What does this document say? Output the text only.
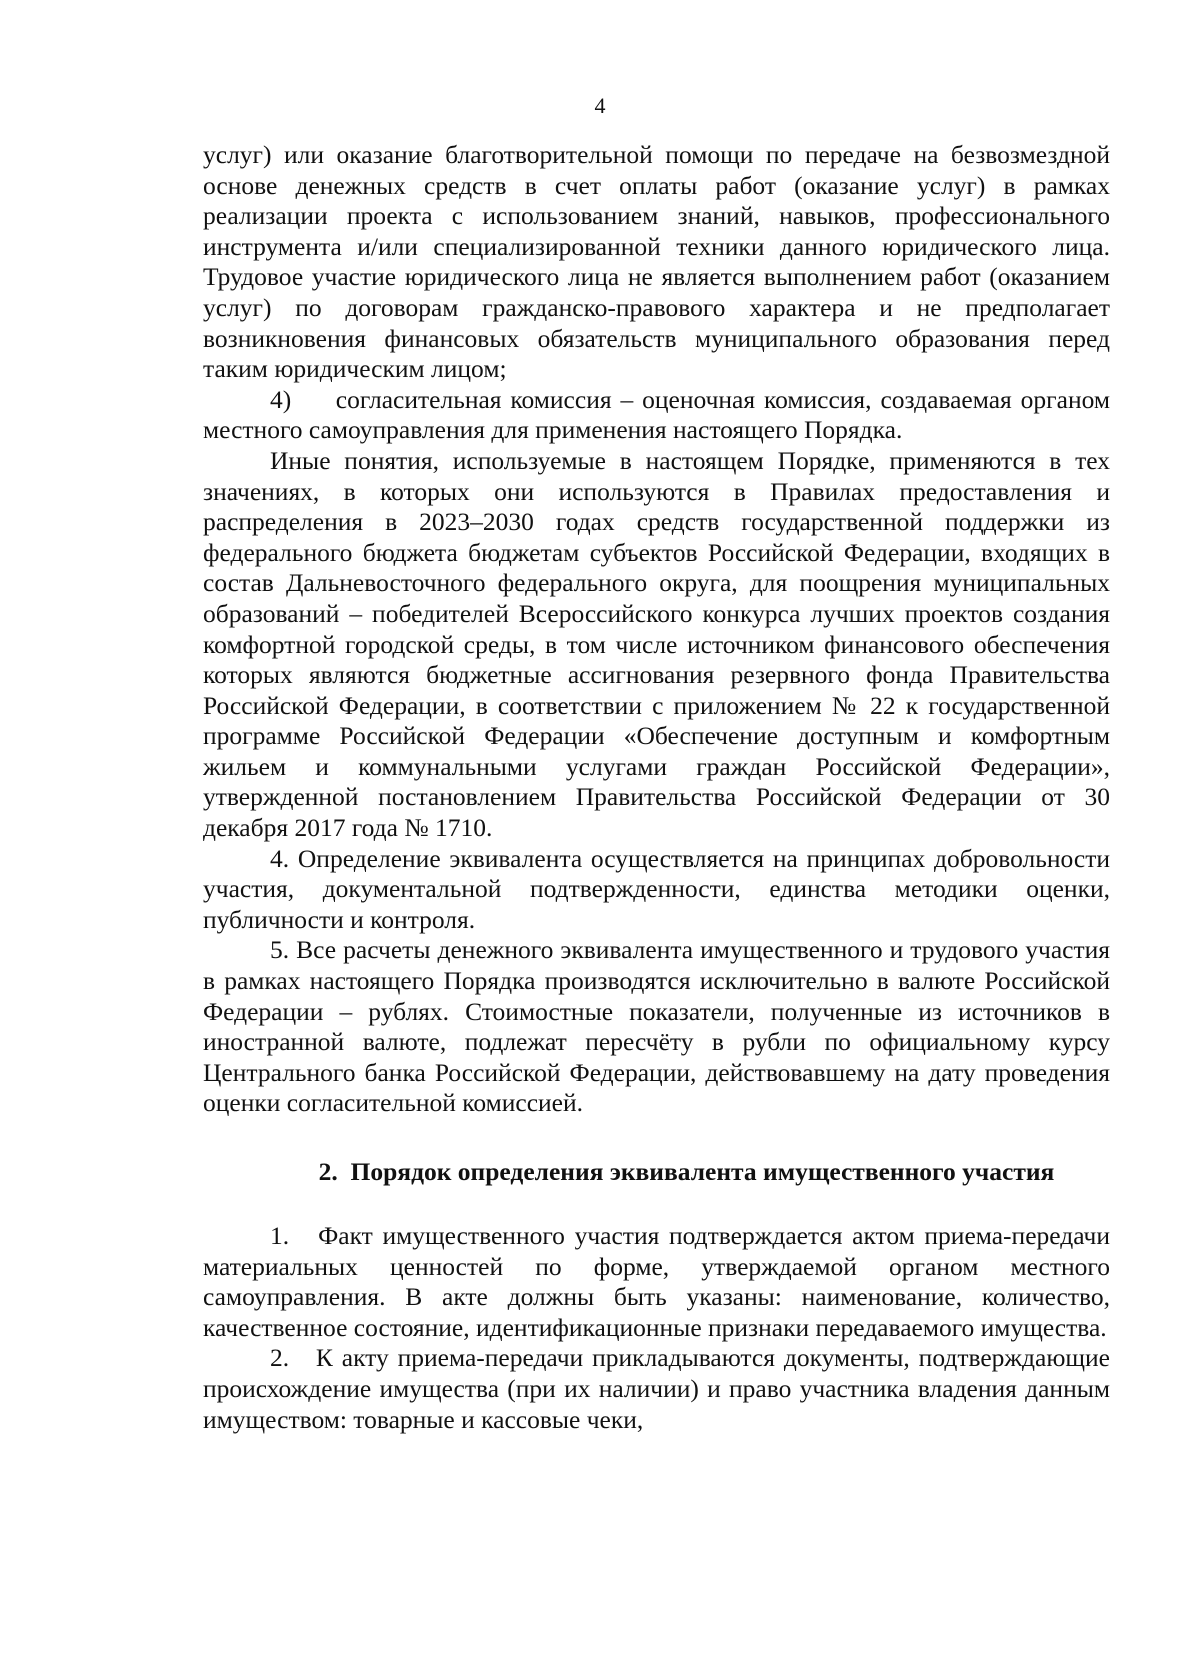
4

услуг) или оказание благотворительной помощи по передаче на безвозмездной основе денежных средств в счет оплаты работ (оказание услуг) в рамках реализации проекта с использованием знаний, навыков, профессионального инструмента и/или специализированной техники данного юридического лица. Трудовое участие юридического лица не является выполнением работ (оказанием услуг) по договорам гражданско-правового характера и не предполагает возникновения финансовых обязательств муниципального образования перед таким юридическим лицом;

4)     согласительная комиссия – оценочная комиссия, создаваемая органом местного самоуправления для применения настоящего Порядка.

Иные понятия, используемые в настоящем Порядке, применяются в тех значениях, в которых они используются в Правилах предоставления и распределения в 2023–2030 годах средств государственной поддержки из федерального бюджета бюджетам субъектов Российской Федерации, входящих в состав Дальневосточного федерального округа, для поощрения муниципальных образований – победителей Всероссийского конкурса лучших проектов создания комфортной городской среды, в том числе источником финансового обеспечения которых являются бюджетные ассигнования резервного фонда Правительства Российской Федерации, в соответствии с приложением № 22 к государственной программе Российской Федерации «Обеспечение доступным и комфортным жильем и коммунальными услугами граждан Российской Федерации», утвержденной постановлением Правительства Российской Федерации от 30 декабря 2017 года № 1710.

4. Определение эквивалента осуществляется на принципах добровольности участия, документальной подтвержденности, единства методики оценки, публичности и контроля.

5. Все расчеты денежного эквивалента имущественного и трудового участия в рамках настоящего Порядка производятся исключительно в валюте Российской Федерации – рублях. Стоимостные показатели, полученные из источников в иностранной валюте, подлежат пересчёту в рубли по официальному курсу Центрального банка Российской Федерации, действовавшему на дату проведения оценки согласительной комиссией.

2.  Порядок определения эквивалента имущественного участия

1.   Факт имущественного участия подтверждается актом приема-передачи материальных ценностей по форме, утверждаемой органом местного самоуправления. В акте должны быть указаны: наименование, количество, качественное состояние, идентификационные признаки передаваемого имущества.

2.   К акту приема-передачи прикладываются документы, подтверждающие происхождение имущества (при их наличии) и право участника владения данным имуществом: товарные и кассовые чеки,
